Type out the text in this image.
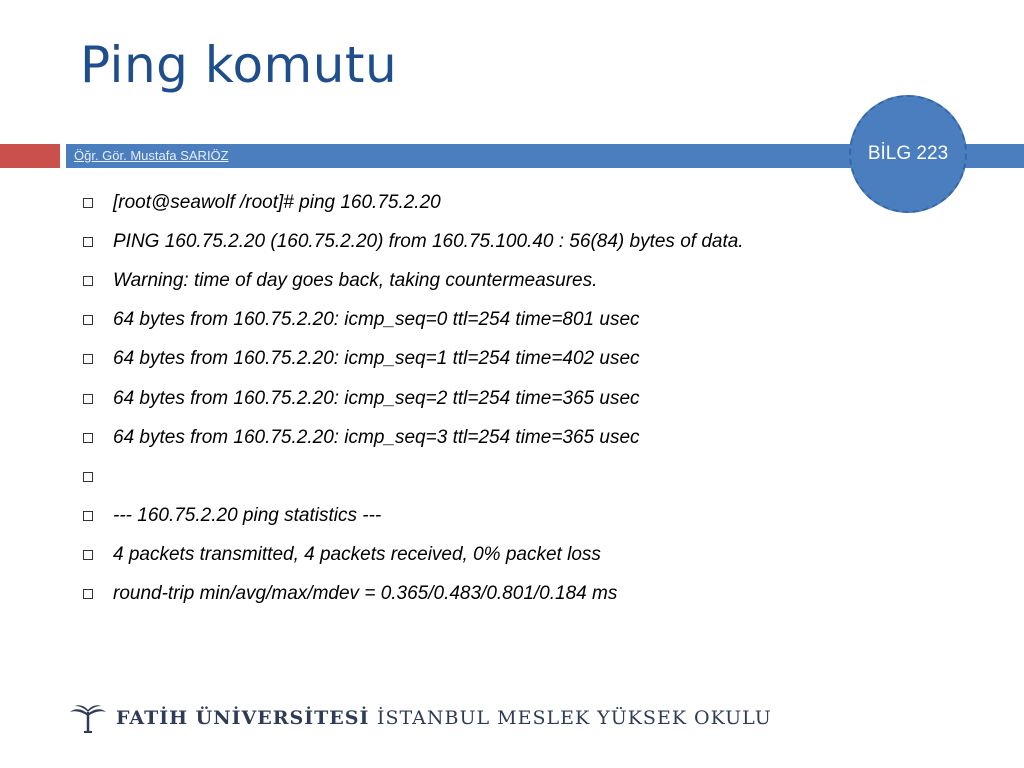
Ping komutu
Öğr. Gör. Mustafa SARIÖZ	BİLG 223
[root@seawolf /root]# ping 160.75.2.20
PING 160.75.2.20 (160.75.2.20) from 160.75.100.40 : 56(84) bytes of data.
Warning: time of day goes back, taking countermeasures.
64 bytes from 160.75.2.20: icmp_seq=0 ttl=254 time=801 usec
64 bytes from 160.75.2.20: icmp_seq=1 ttl=254 time=402 usec
64 bytes from 160.75.2.20: icmp_seq=2 ttl=254 time=365 usec
64 bytes from 160.75.2.20: icmp_seq=3 ttl=254 time=365 usec
--- 160.75.2.20 ping statistics ---
4 packets transmitted, 4 packets received, 0% packet loss
round-trip min/avg/max/mdev = 0.365/0.483/0.801/0.184 ms
FATİH ÜNİVERSİTESİ İSTANBUL MESLEK YÜKSEK OKULU
